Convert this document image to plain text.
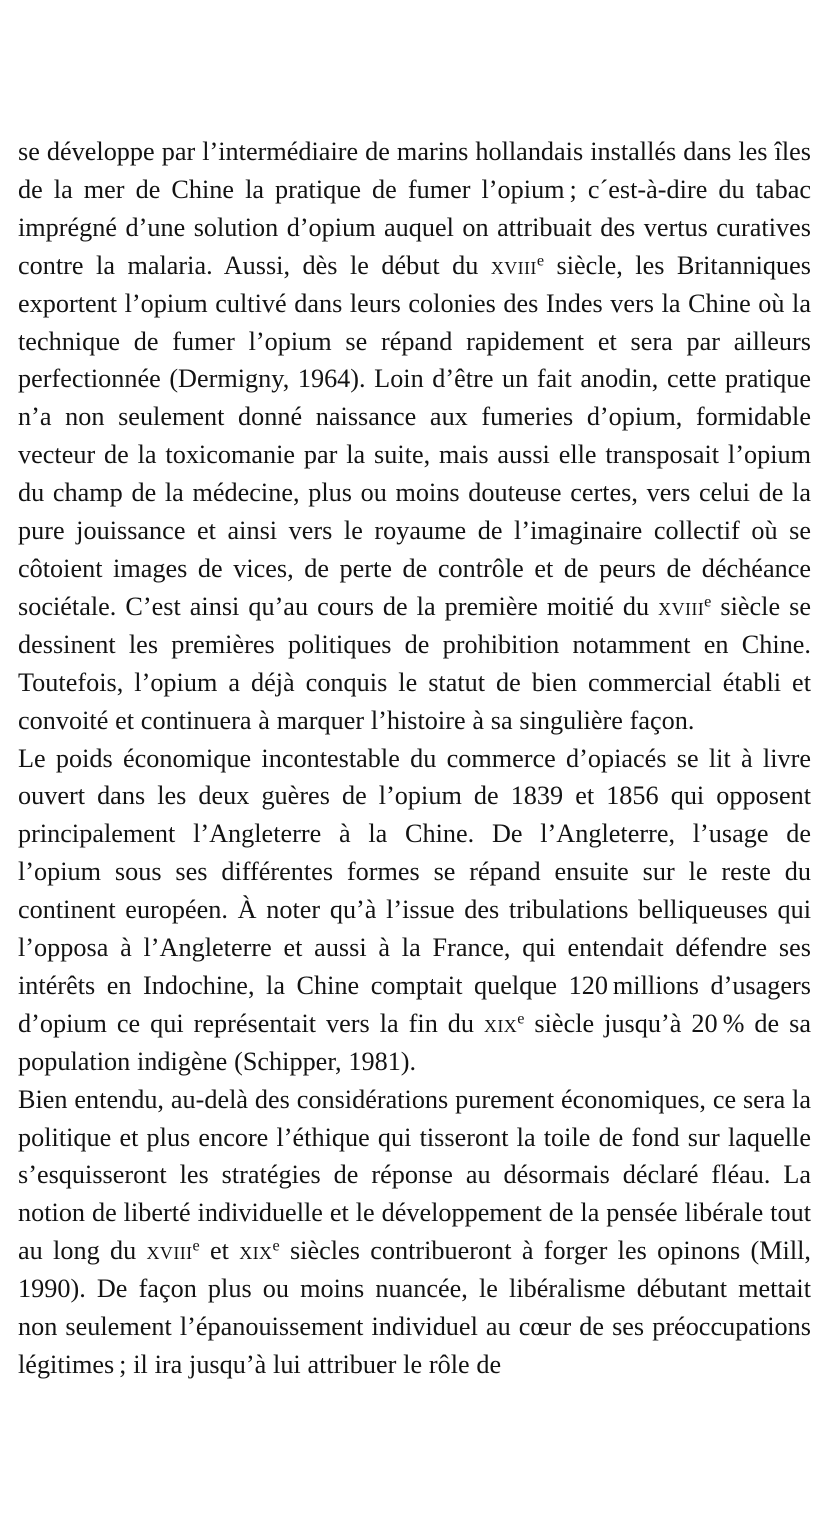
se développe par l’intermédiaire de marins hollandais installés dans les îles de la mer de Chine la pratique de fumer l’opium ; c´est-à-dire du tabac imprégné d’une solution d’opium auquel on attribuait des vertus curatives contre la malaria. Aussi, dès le début du xviii$^e$ siècle, les Britanniques exportent l’opium cultivé dans leurs colonies des Indes vers la Chine où la technique de fumer l’opium se répand rapidement et sera par ailleurs perfectionnée (Dermigny, 1964). Loin d’être un fait anodin, cette pratique n’a non seulement donné naissance aux fumeries d’opium, formidable vecteur de la toxicomanie par la suite, mais aussi elle transposait l’opium du champ de la médecine, plus ou moins douteuse certes, vers celui de la pure jouissance et ainsi vers le royaume de l’imaginaire collectif où se côtoient images de vices, de perte de contrôle et de peurs de déchéance sociétale. C’est ainsi qu’au cours de la première moitié du xviii$^e$ siècle se dessinent les premières politiques de prohibition notamment en Chine. Toutefois, l’opium a déjà conquis le statut de bien commercial établi et convoité et continuera à marquer l’histoire à sa singulière façon.

Le poids économique incontestable du commerce d’opiacés se lit à livre ouvert dans les deux guères de l’opium de 1839 et 1856 qui opposent principalement l’Angleterre à la Chine. De l’Angleterre, l’usage de l’opium sous ses différentes formes se répand ensuite sur le reste du continent européen. À noter qu’à l’issue des tribulations belliqueuses qui l’opposa à l’Angleterre et aussi à la France, qui entendait défendre ses intérêts en Indochine, la Chine comptait quelque 120 millions d’usagers d’opium ce qui représentait vers la fin du xix$^e$ siècle jusqu’à 20 % de sa population indigène (Schipper, 1981).

Bien entendu, au-delà des considérations purement économiques, ce sera la politique et plus encore l’éthique qui tisseront la toile de fond sur laquelle s’esquisseront les stratégies de réponse au désormais déclaré fléau. La notion de liberté individuelle et le développement de la pensée libérale tout au long du xviii$^e$ et xix$^e$ siècles contribueront à forger les opinons (Mill, 1990). De façon plus ou moins nuancée, le libéralisme débutant mettait non seulement l’épanouissement individuel au cœur de ses préoccupations légitimes ; il ira jusqu’à lui attribuer le rôle de
